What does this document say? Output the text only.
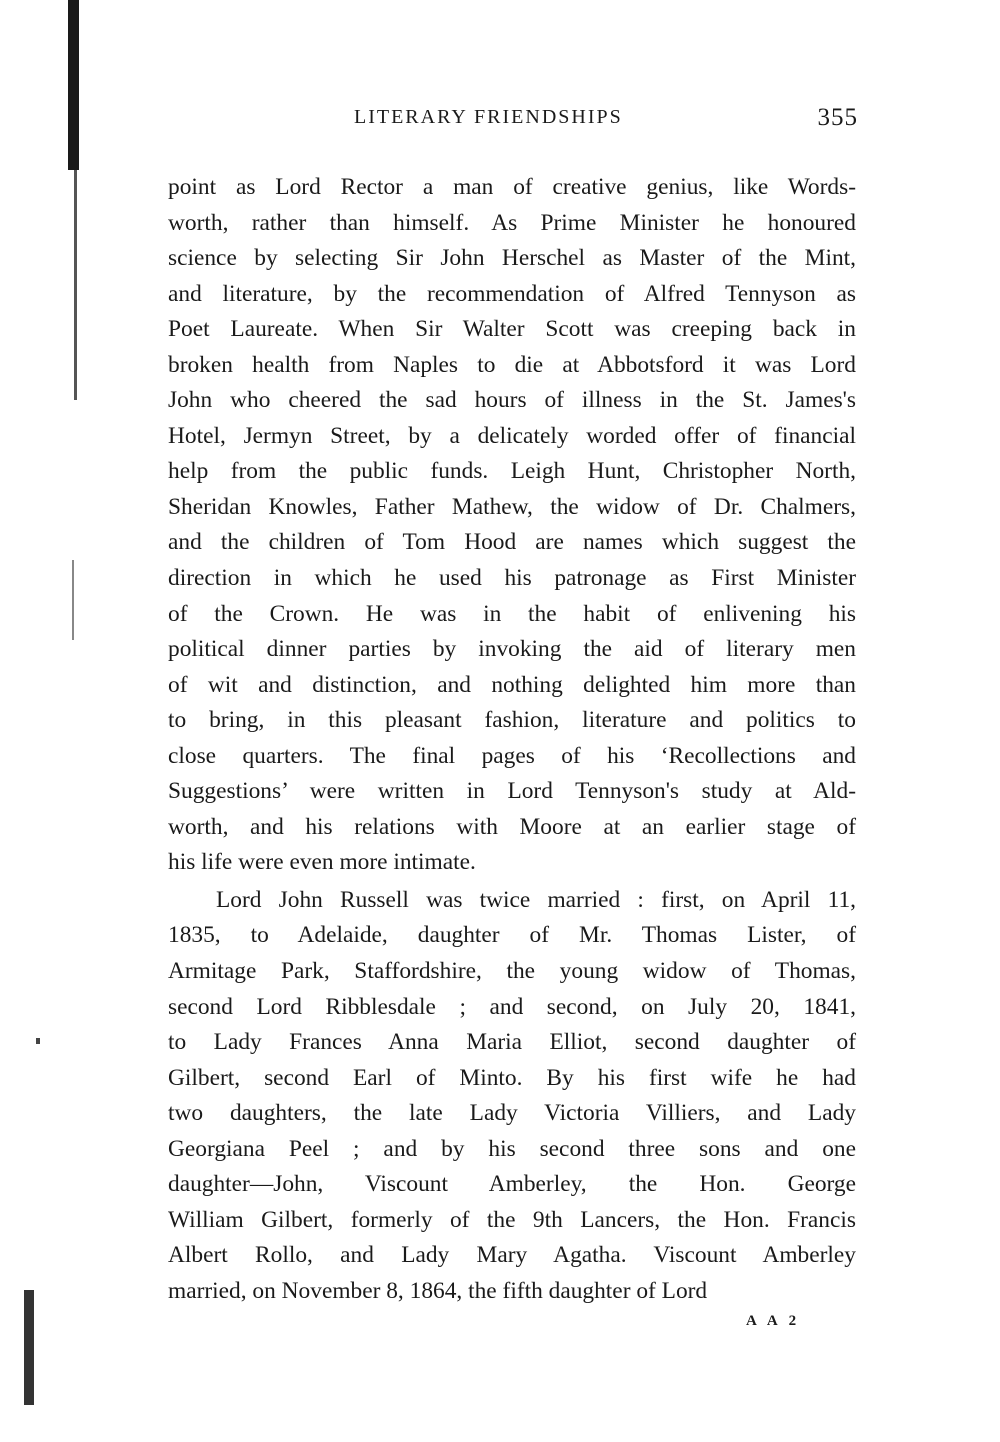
LITERARY FRIENDSHIPS	355
point as Lord Rector a man of creative genius, like Words-
worth, rather than himself. As Prime Minister he honoured
science by selecting Sir John Herschel as Master of the Mint,
and literature, by the recommendation of Alfred Tennyson as
Poet Laureate. When Sir Walter Scott was creeping back in
broken health from Naples to die at Abbotsford it was Lord
John who cheered the sad hours of illness in the St. James's
Hotel, Jermyn Street, by a delicately worded offer of financial
help from the public funds. Leigh Hunt, Christopher North,
Sheridan Knowles, Father Mathew, the widow of Dr. Chalmers,
and the children of Tom Hood are names which suggest the
direction in which he used his patronage as First Minister
of the Crown. He was in the habit of enlivening his
political dinner parties by invoking the aid of literary men
of wit and distinction, and nothing delighted him more than
to bring, in this pleasant fashion, literature and politics to
close quarters. The final pages of his ‘Recollections and
Suggestions’ were written in Lord Tennyson's study at Ald-
worth, and his relations with Moore at an earlier stage of
his life were even more intimate.
Lord John Russell was twice married : first, on April 11,
1835, to Adelaide, daughter of Mr. Thomas Lister, of
Armitage Park, Staffordshire, the young widow of Thomas,
second Lord Ribblesdale ; and second, on July 20, 1841,
to Lady Frances Anna Maria Elliot, second daughter of
Gilbert, second Earl of Minto. By his first wife he had
two daughters, the late Lady Victoria Villiers, and Lady
Georgiana Peel ; and by his second three sons and one
daughter—John, Viscount Amberley, the Hon. George
William Gilbert, formerly of the 9th Lancers, the Hon. Francis
Albert Rollo, and Lady Mary Agatha. Viscount Amberley
married, on November 8, 1864, the fifth daughter of Lord
A A 2
